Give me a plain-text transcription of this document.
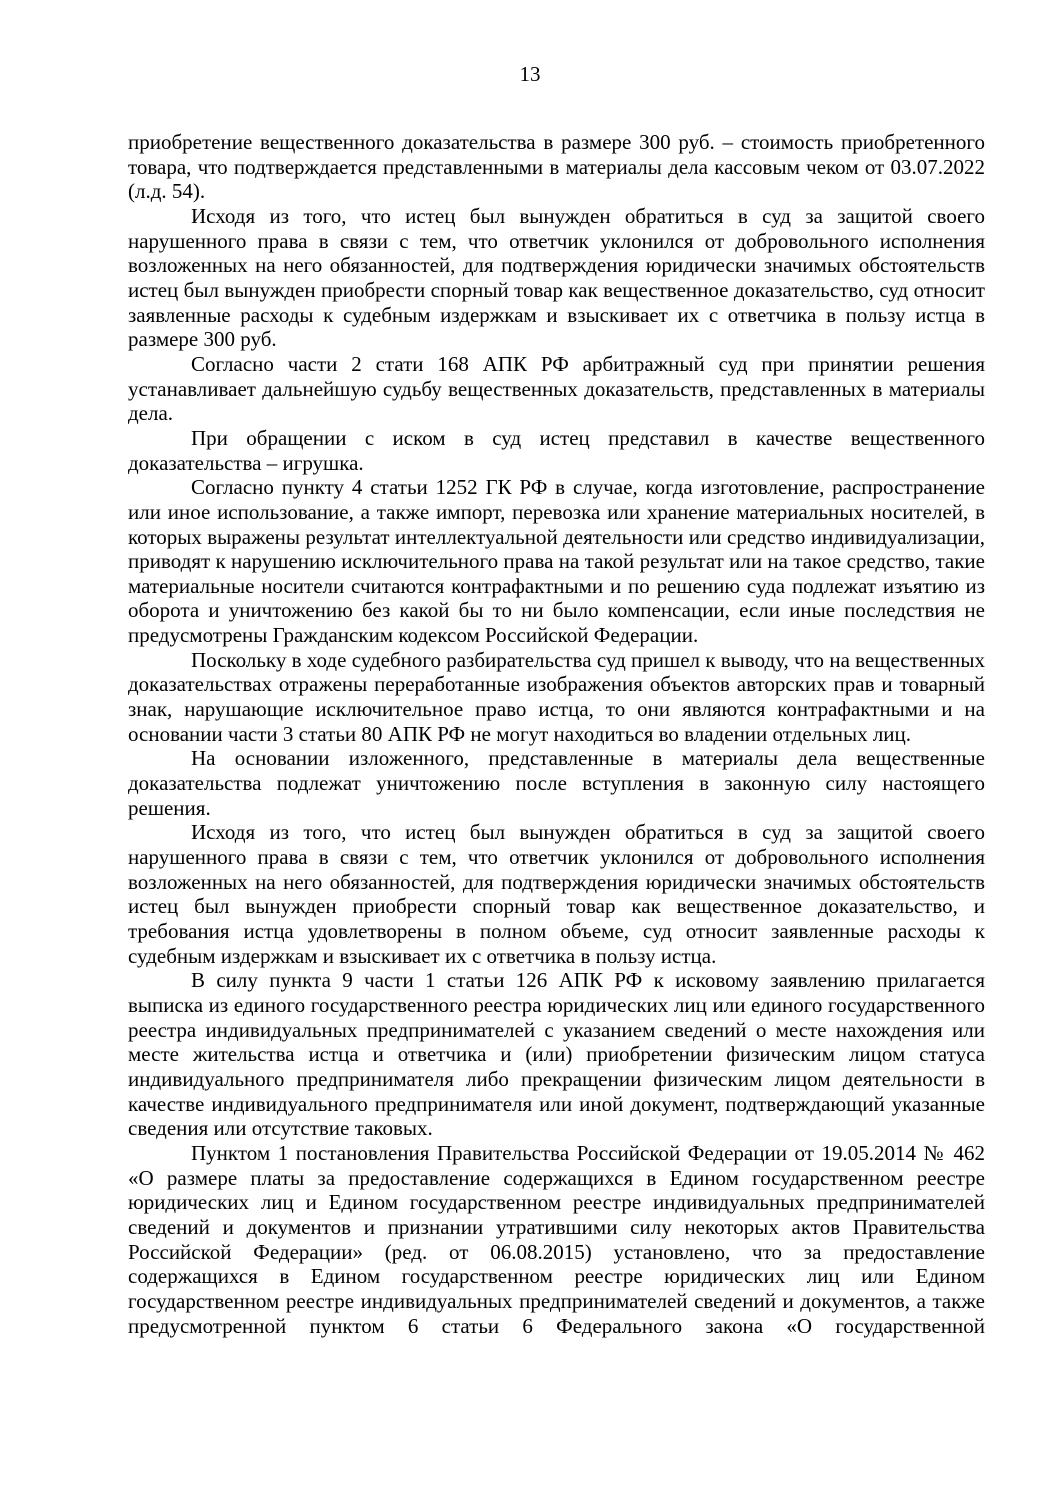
13

приобретение вещественного доказательства в размере 300 руб. – стоимость приобретенного товара, что подтверждается представленными в материалы дела кассовым чеком от 03.07.2022 (л.д. 54).

Исходя из того, что истец был вынужден обратиться в суд за защитой своего нарушенного права в связи с тем, что ответчик уклонился от добровольного исполнения возложенных на него обязанностей, для подтверждения юридически значимых обстоятельств истец был вынужден приобрести спорный товар как вещественное доказательство, суд относит заявленные расходы к судебным издержкам и взыскивает их с ответчика в пользу истца в размере 300 руб.

Согласно части 2 стати 168 АПК РФ арбитражный суд при принятии решения устанавливает дальнейшую судьбу вещественных доказательств, представленных в материалы дела.

При обращении с иском в суд истец представил в качестве вещественного доказательства – игрушка.

Согласно пункту 4 статьи 1252 ГК РФ в случае, когда изготовление, распространение или иное использование, а также импорт, перевозка или хранение материальных носителей, в которых выражены результат интеллектуальной деятельности или средство индивидуализации, приводят к нарушению исключительного права на такой результат или на такое средство, такие материальные носители считаются контрафактными и по решению суда подлежат изъятию из оборота и уничтожению без какой бы то ни было компенсации, если иные последствия не предусмотрены Гражданским кодексом Российской Федерации.

Поскольку в ходе судебного разбирательства суд пришел к выводу, что на вещественных доказательствах отражены переработанные изображения объектов авторских прав и товарный знак, нарушающие исключительное право истца, то они являются контрафактными и на основании части 3 статьи 80 АПК РФ не могут находиться во владении отдельных лиц.

На основании изложенного, представленные в материалы дела вещественные доказательства подлежат уничтожению после вступления в законную силу настоящего решения.

Исходя из того, что истец был вынужден обратиться в суд за защитой своего нарушенного права в связи с тем, что ответчик уклонился от добровольного исполнения возложенных на него обязанностей, для подтверждения юридически значимых обстоятельств истец был вынужден приобрести спорный товар как вещественное доказательство, и требования истца удовлетворены в полном объеме, суд относит заявленные расходы к судебным издержкам и взыскивает их с ответчика в пользу истца.

В силу пункта 9 части 1 статьи 126 АПК РФ к исковому заявлению прилагается выписка из единого государственного реестра юридических лиц или единого государственного реестра индивидуальных предпринимателей с указанием сведений о месте нахождения или месте жительства истца и ответчика и (или) приобретении физическим лицом статуса индивидуального предпринимателя либо прекращении физическим лицом деятельности в качестве индивидуального предпринимателя или иной документ, подтверждающий указанные сведения или отсутствие таковых.

Пунктом 1 постановления Правительства Российской Федерации от 19.05.2014 № 462 «О размере платы за предоставление содержащихся в Едином государственном реестре юридических лиц и Едином государственном реестре индивидуальных предпринимателей сведений и документов и признании утратившими силу некоторых актов Правительства Российской Федерации» (ред. от 06.08.2015) установлено, что за предоставление содержащихся в Едином государственном реестре юридических лиц или Едином государственном реестре индивидуальных предпринимателей сведений и документов, а также предусмотренной пунктом 6 статьи 6 Федерального закона «О государственной
